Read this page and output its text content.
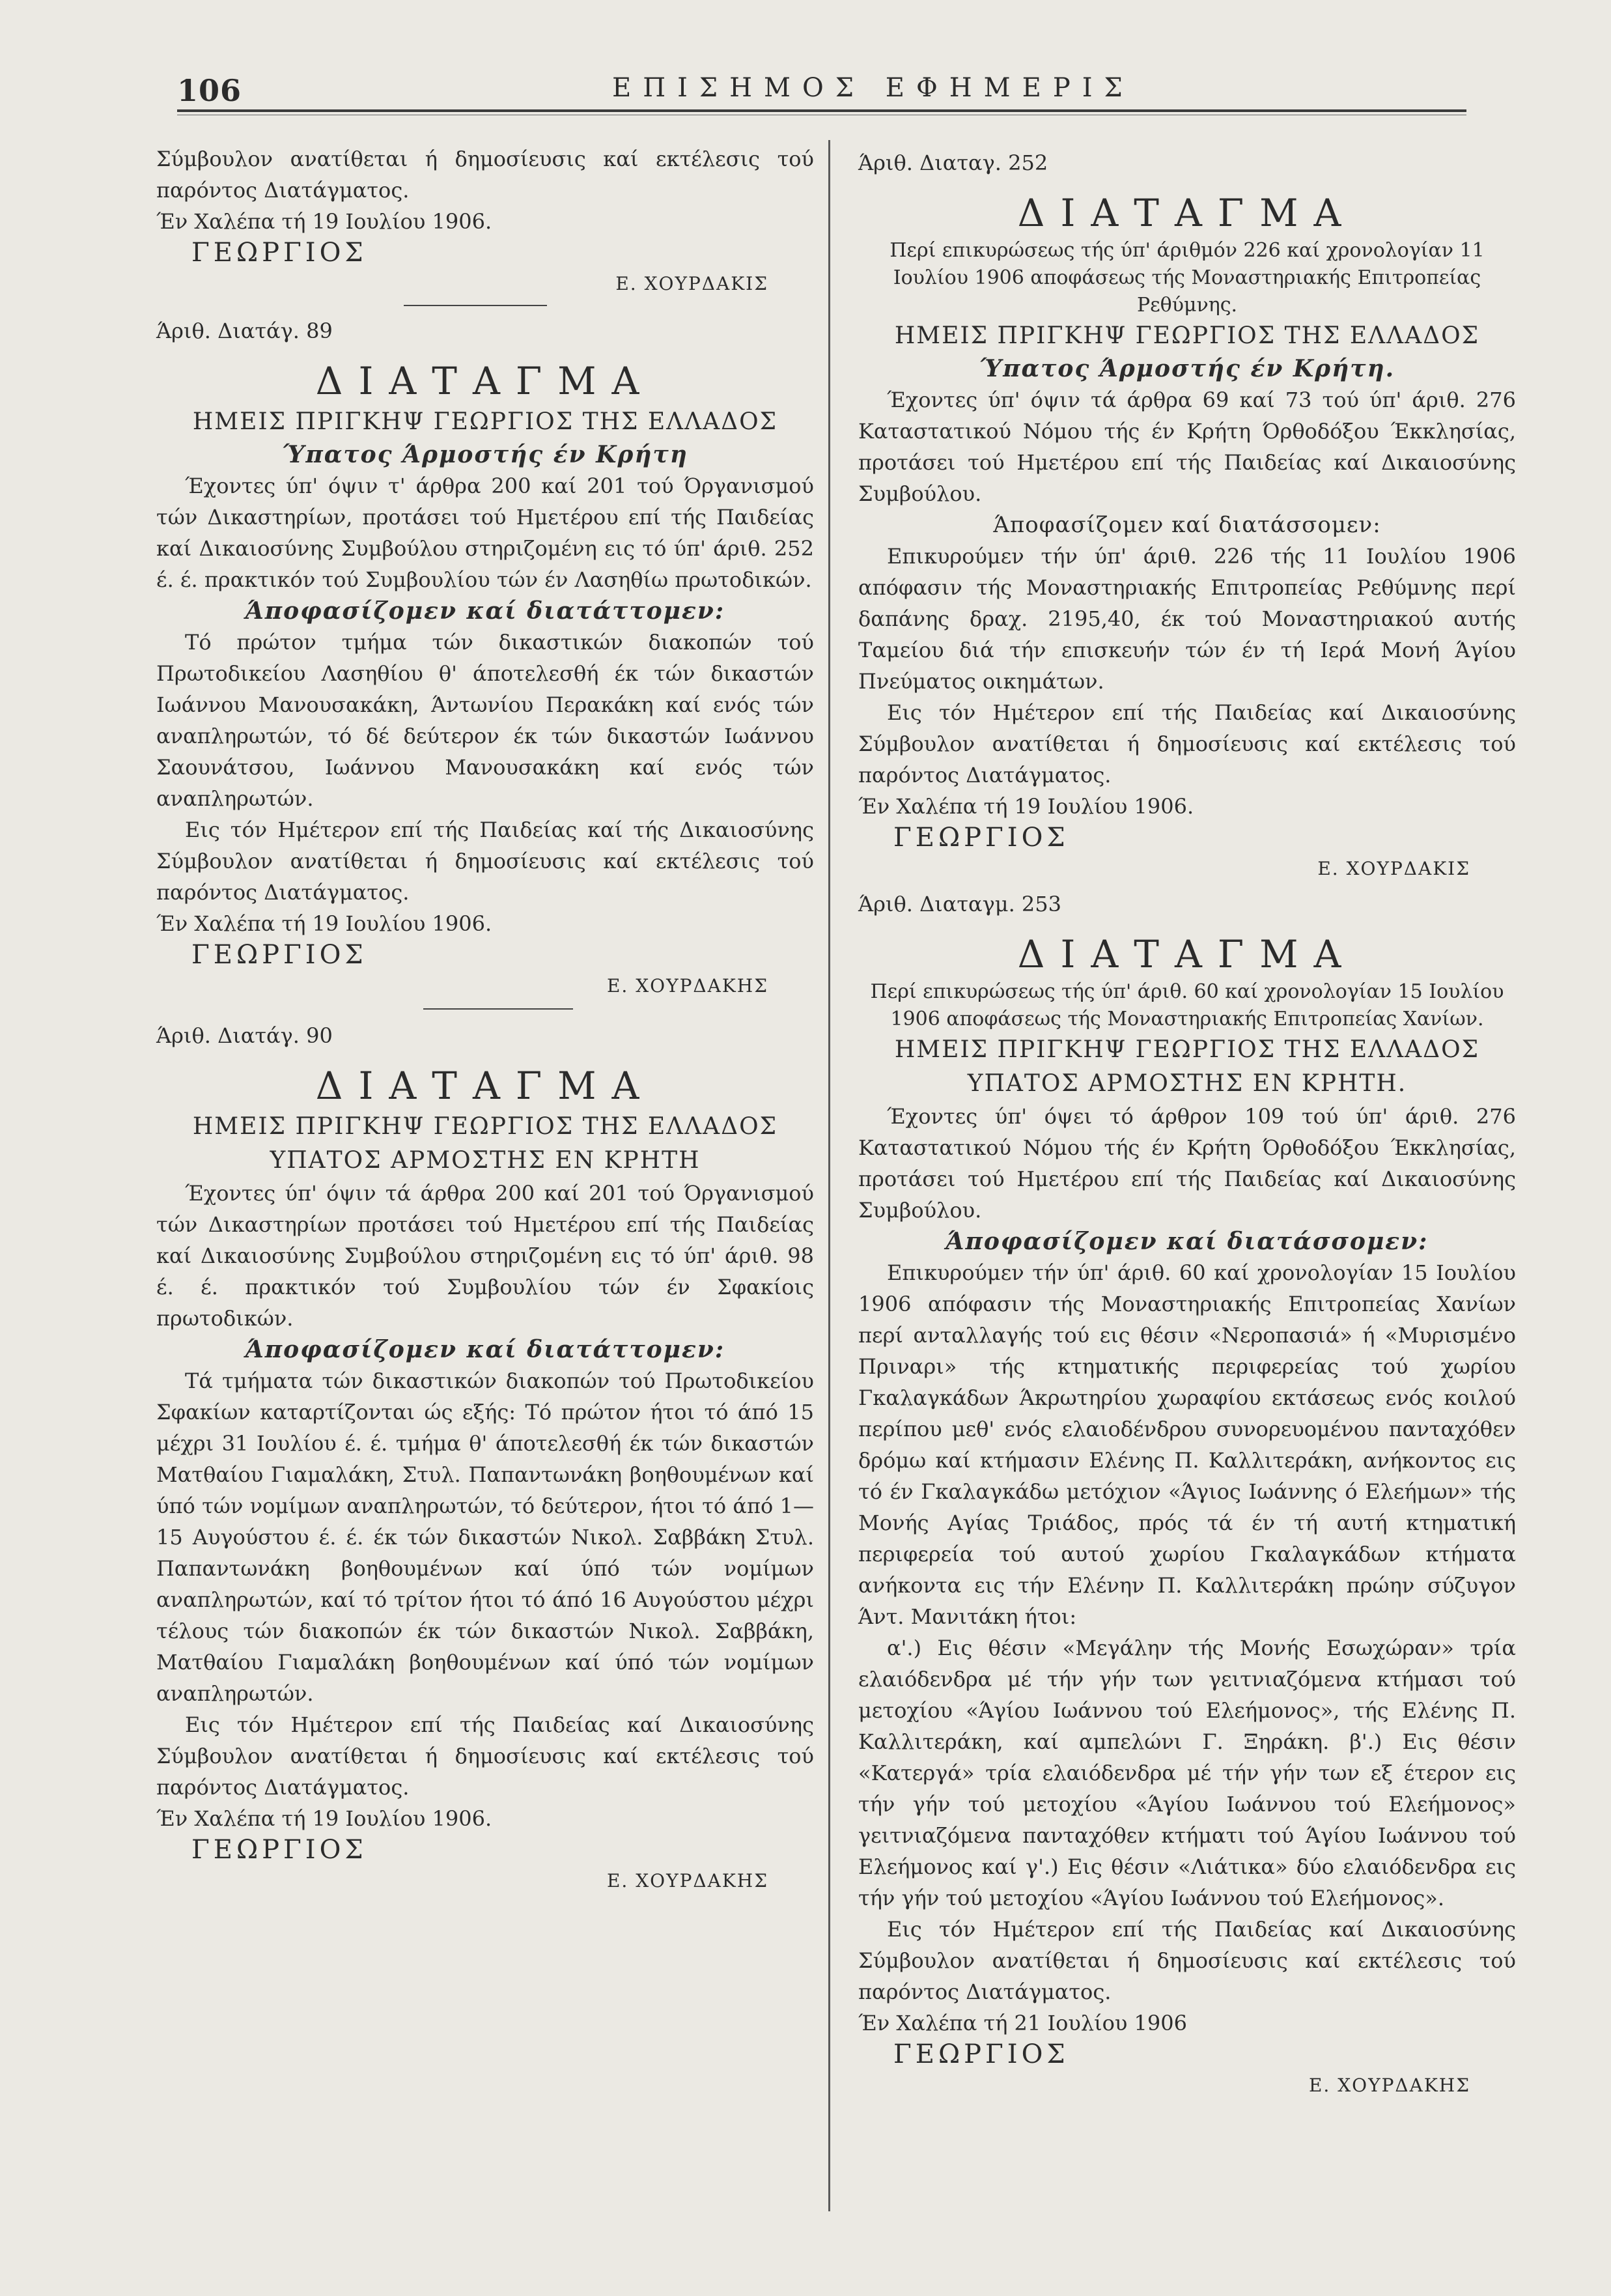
106	ΕΠΙΣΗΜΟΣ ΕΦΗΜΕΡΙΣ

Σύμβουλον ανατίθεται ή δημοσίευσις καί εκτέλεσις τού παρόντος Διατάγματος.

Έν Χαλέπα τή 19 Ιουλίου 1906.

ΓΕΩΡΓΙΟΣ

Ε. ΧΟΥΡΔΑΚΙΣ

Άριθ. Διατάγ. 89

ΔΙΑΤΑΓΜΑ

ΗΜΕΙΣ ΠΡΙΓΚΗΨ ΓΕΩΡΓΙΟΣ ΤΗΣ ΕΛΛΑΔΟΣ

Ύπατος Άρμοστής έν Κρήτη

Έχοντες ύπ' όψιν τ' άρθρα 200 καί 201 τού Όργανισμού τών Δικαστηρίων, προτάσει τού Ημετέρου επί τής Παιδείας καί Δικαιοσύνης Συμβούλου στηριζομένη εις τό ύπ' άριθ. 252 έ. έ. πρακτικόν τού Συμβουλίου τών έν Λασηθίω πρωτοδικών.

Άποφασίζομεν καί διατάττομεν:

Τό πρώτον τμήμα τών δικαστικών διακοπών τού Πρωτοδικείου Λασηθίου θ' άποτελεσθή έκ τών δικαστών Ιωάννου Μανουσακάκη, Άντωνίου Περακάκη καί ενός τών αναπληρωτών, τό δέ δεύτερον έκ τών δικαστών Ιωάννου Σαουνάτσου, Ιωάννου Μανουσακάκη καί ενός τών αναπληρωτών.

Εις τόν Ημέτερον επί τής Παιδείας καί τής Δικαιοσύνης Σύμβουλον ανατίθεται ή δημοσίευσις καί εκτέλεσις τού παρόντος Διατάγματος.

Έν Χαλέπα τή 19 Ιουλίου 1906.

ΓΕΩΡΓΙΟΣ

Ε. ΧΟΥΡΔΑΚΗΣ

Άριθ. Διατάγ. 90

ΔΙΑΤΑΓΜΑ

ΗΜΕΙΣ ΠΡΙΓΚΗΨ ΓΕΩΡΓΙΟΣ ΤΗΣ ΕΛΛΑΔΟΣ

ΥΠΑΤΟΣ ΑΡΜΟΣΤΗΣ ΕΝ ΚΡΗΤΗ

Έχοντες ύπ' όψιν τά άρθρα 200 καί 201 τού Όργανισμού τών Δικαστηρίων προτάσει τού Ημετέρου επί τής Παιδείας καί Δικαιοσύνης Συμβούλου στηριζομένη εις τό ύπ' άριθ. 98 έ. έ. πρακτικόν τού Συμβουλίου τών έν Σφακίοις πρωτοδικών.

Άποφασίζομεν καί διατάττομεν:

Τά τμήματα τών δικαστικών διακοπών τού Πρωτοδικείου Σφακίων καταρτίζονται ώς εξής: Τό πρώτον ήτοι τό άπό 15 μέχρι 31 Ιουλίου έ. έ. τμήμα θ' άποτελεσθή έκ τών δικαστών Ματθαίου Γιαμαλάκη, Στυλ. Παπαντωνάκη βοηθουμένων καί ύπό τών νομίμων αναπληρωτών, τό δεύτερον, ήτοι τό άπό 1—15 Αυγούστου έ. έ. έκ τών δικαστών Νικολ. Σαββάκη Στυλ. Παπαντωνάκη βοηθουμένων καί ύπό τών νομίμων αναπληρωτών, καί τό τρίτον ήτοι τό άπό 16 Αυγούστου μέχρι τέλους τών διακοπών έκ τών δικαστών Νικολ. Σαββάκη, Ματθαίου Γιαμαλάκη βοηθουμένων καί ύπό τών νομίμων αναπληρωτών.

Εις τόν Ημέτερον επί τής Παιδείας καί Δικαιοσύνης Σύμβουλον ανατίθεται ή δημοσίευσις καί εκτέλεσις τού παρόντος Διατάγματος.

Έν Χαλέπα τή 19 Ιουλίου 1906.

ΓΕΩΡΓΙΟΣ

Ε. ΧΟΥΡΔΑΚΗΣ

Άριθ. Διαταγ. 252

ΔΙΑΤΑΓΜΑ

Περί επικυρώσεως τής ύπ' άριθμόν 226 καί χρονολογίαν 11 Ιουλίου 1906 αποφάσεως τής Μοναστηριακής Επιτροπείας Ρεθύμνης.

ΗΜΕΙΣ ΠΡΙΓΚΗΨ ΓΕΩΡΓΙΟΣ ΤΗΣ ΕΛΛΑΔΟΣ

Ύπατος Άρμοστής έν Κρήτη.

Έχοντες ύπ' όψιν τά άρθρα 69 καί 73 τού ύπ' άριθ. 276 Καταστατικού Νόμου τής έν Κρήτη Όρθοδόξου Έκκλησίας, προτάσει τού Ημετέρου επί τής Παιδείας καί Δικαιοσύνης Συμβούλου.

Άποφασίζομεν καί διατάσσομεν:

Επικυρούμεν τήν ύπ' άριθ. 226 τής 11 Ιουλίου 1906 απόφασιν τής Μοναστηριακής Επιτροπείας Ρεθύμνης περί δαπάνης δραχ. 2195,40, έκ τού Μοναστηριακού αυτής Ταμείου διά τήν επισκευήν τών έν τή Ιερά Μονή Άγίου Πνεύματος οικημάτων.

Εις τόν Ημέτερον επί τής Παιδείας καί Δικαιοσύνης Σύμβουλον ανατίθεται ή δημοσίευσις καί εκτέλεσις τού παρόντος Διατάγματος.

Έν Χαλέπα τή 19 Ιουλίου 1906.

ΓΕΩΡΓΙΟΣ

Ε. ΧΟΥΡΔΑΚΙΣ

Άριθ. Διαταγμ. 253

ΔΙΑΤΑΓΜΑ

Περί επικυρώσεως τής ύπ' άριθ. 60 καί χρονολογίαν 15 Ιουλίου 1906 αποφάσεως τής Μοναστηριακής Επιτροπείας Χανίων.

ΗΜΕΙΣ ΠΡΙΓΚΗΨ ΓΕΩΡΓΙΟΣ ΤΗΣ ΕΛΛΑΔΟΣ

ΥΠΑΤΟΣ ΑΡΜΟΣΤΗΣ ΕΝ ΚΡΗΤΗ.

Έχοντες ύπ' όψει τό άρθρον 109 τού ύπ' άριθ. 276 Καταστατικού Νόμου τής έν Κρήτη Όρθοδόξου Έκκλησίας, προτάσει τού Ημετέρου επί τής Παιδείας καί Δικαιοσύνης Συμβούλου.

Άποφασίζομεν καί διατάσσομεν:

Επικυρούμεν τήν ύπ' άριθ. 60 καί χρονολογίαν 15 Ιουλίου 1906 απόφασιν τής Μοναστηριακής Επιτροπείας Χανίων περί ανταλλαγής τού εις θέσιν «Νεροπασιά» ή «Μυρισμένο Πριναρι» τής κτηματικής περιφερείας τού χωρίου Γκαλαγκάδων Άκρωτηρίου χωραφίου εκτάσεως ενός κοιλού περίπου μεθ' ενός ελαιοδένδρου συνορευομένου πανταχόθεν δρόμω καί κτήμασιν Ελένης Π. Καλλιτεράκη, ανήκοντος εις τό έν Γκαλαγκάδω μετόχιον «Άγιος Ιωάννης ό Ελεήμων» τής Μονής Αγίας Τριάδος, πρός τά έν τή αυτή κτηματική περιφερεία τού αυτού χωρίου Γκαλαγκάδων κτήματα ανήκοντα εις τήν Ελένην Π. Καλλιτεράκη πρώην σύζυγον Άντ. Μανιτάκη ήτοι:

α'.) Εις θέσιν «Μεγάλην τής Μονής Εσωχώραν» τρία ελαιόδενδρα μέ τήν γήν των γειτνιαζόμενα κτήμασι τού μετοχίου «Άγίου Ιωάννου τού Ελεήμονος», τής Ελένης Π. Καλλιτεράκη, καί αμπελώνι Γ. Ξηράκη. β'.) Εις θέσιν «Κατεργά» τρία ελαιόδενδρα μέ τήν γήν των εξ έτερον εις τήν γήν τού μετοχίου «Άγίου Ιωάννου τού Ελεήμονος» γειτνιαζόμενα πανταχόθεν κτήματι τού Άγίου Ιωάννου τού Ελεήμονος καί γ'.) Εις θέσιν «Λιάτικα» δύο ελαιόδενδρα εις τήν γήν τού μετοχίου «Άγίου Ιωάννου τού Ελεήμονος».

Εις τόν Ημέτερον επί τής Παιδείας καί Δικαιοσύνης Σύμβουλον ανατίθεται ή δημοσίευσις καί εκτέλεσις τού παρόντος Διατάγματος.

Έν Χαλέπα τή 21 Ιουλίου 1906

ΓΕΩΡΓΙΟΣ

Ε. ΧΟΥΡΔΑΚΗΣ
